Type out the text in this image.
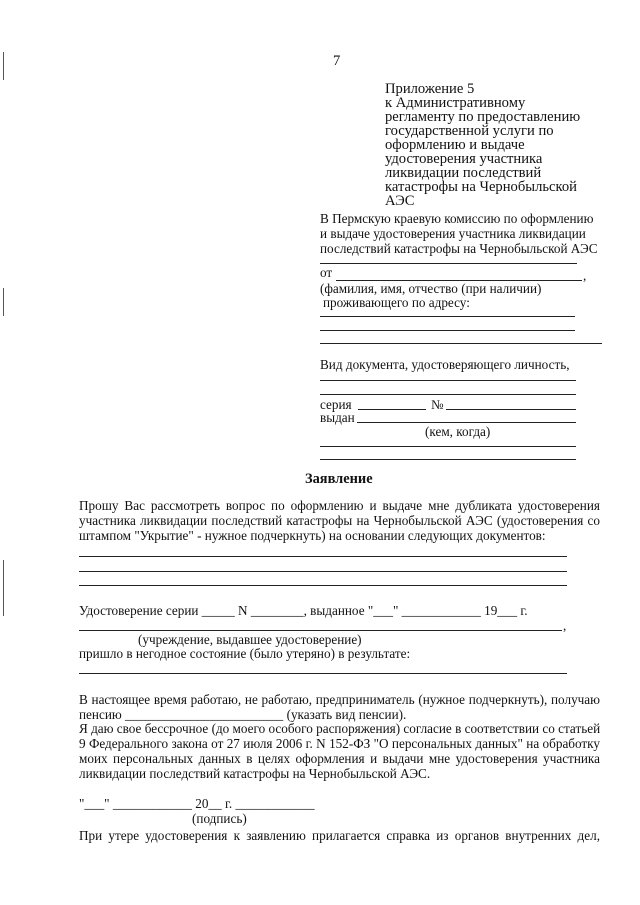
7
Приложение 5
к Административному
регламенту по предоставлению
государственной услуги по
оформлению и выдаче
удостоверения участника
ликвидации последствий
катастрофы на Чернобыльской
АЭС
В Пермскую краевую комиссию по оформлению
и выдаче удостоверения участника ликвидации
последствий катастрофы на Чернобыльской АЭС
от	,
(фамилия, имя, отчество (при наличии)
проживающего по адресу:
Вид документа, удостоверяющего личность,
серия	№
выдан
(кем, когда)
Заявление
Прошу Вас рассмотреть вопрос по оформлению и выдаче мне дубликата удостоверения
участника ликвидации последствий катастрофы на Чернобыльской АЭС (удостоверения со
штампом "Укрытие" - нужное подчеркнуть) на основании следующих документов:
Удостоверение серии _____ N ________, выданное "___" ____________ 19___ г.
,
(учреждение, выдавшее удостоверение)
пришло в негодное состояние (было утеряно) в результате:
В настоящее время работаю, не работаю, предприниматель (нужное подчеркнуть), получаю
пенсию ________________________ (указать вид пенсии).
Я даю свое бессрочное (до моего особого распоряжения) согласие в соответствии со статьей
9 Федерального закона от 27 июля 2006 г. N 152-ФЗ "О персональных данных" на обработку
моих персональных данных в целях оформления и выдачи мне удостоверения участника
ликвидации последствий катастрофы на Чернобыльской АЭС.
"___" ____________ 20__ г. ____________
(подпись)
При утере удостоверения к заявлению прилагается справка из органов внутренних дел,
